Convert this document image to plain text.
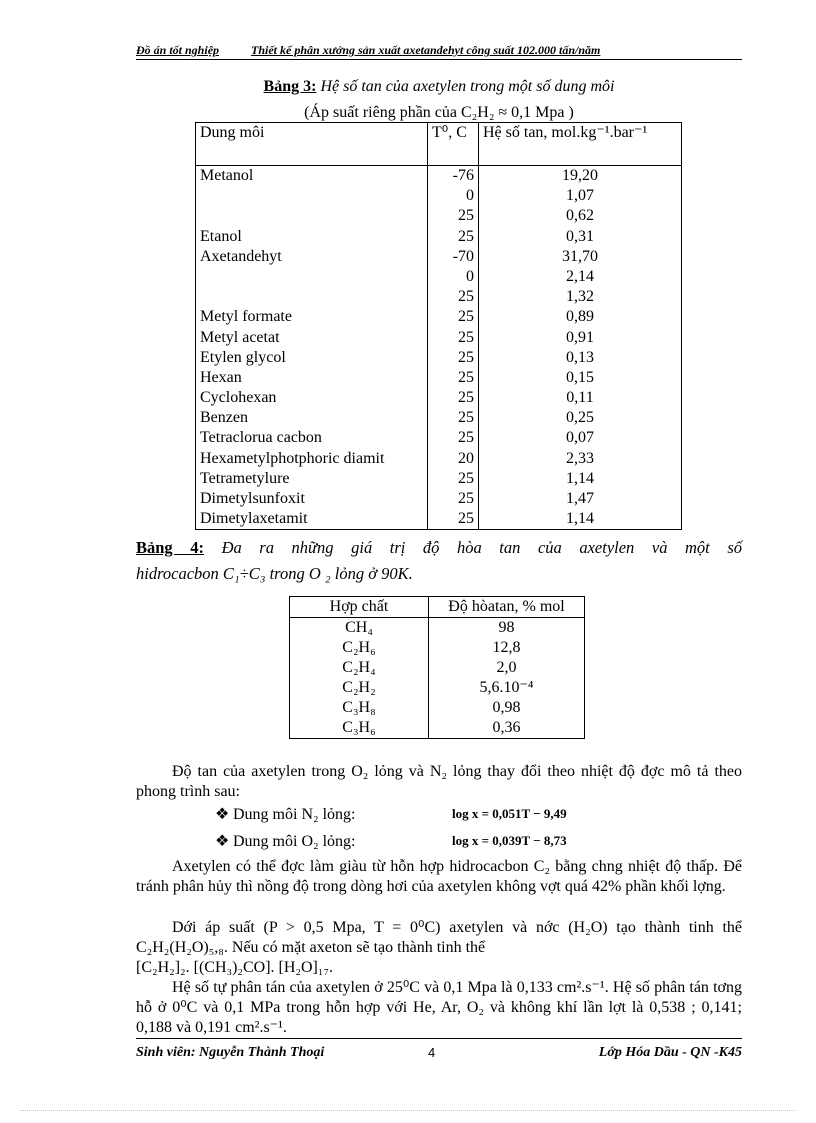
Đồ án tốt nghiệp	Thiết kế phân xưởng sản xuất axetandehyt công suất 102.000 tấn/năm
Bảng 3: Hệ số tan của axetylen trong một số dung môi
(Áp suất riêng phần của C₂H₂ ≈ 0,1 Mpa )
Dung môi	T⁰, C	Hệ số tan, mol.kg⁻¹.bar⁻¹
Metanol	-76	19,20
	0	1,07
	25	0,62
Etanol	25	0,31
Axetandehyt	-70	31,70
	0	2,14
	25	1,32
Metyl formate	25	0,89
Metyl acetat	25	0,91
Etylen glycol	25	0,13
Hexan	25	0,15
Cyclohexan	25	0,11
Benzen	25	0,25
Tetraclorua cacbon	25	0,07
Hexametylphotphoric diamit	20	2,33
Tetrametylure	25	1,14
Dimetylsunfoxit	25	1,47
Dimetylaxetamit	25	1,14
Bảng 4: Đa ra những giá trị độ hòa tan của axetylen và một số
hidrocacbon C₁÷C₃ trong O ₂ lỏng ở 90K.
Hợp chất	Độ hòatan, % mol
CH₄	98
C₂H₆	12,8
C₂H₄	2,0
C₂H₂	5,6.10⁻⁴
C₃H₈	0,98
C₃H₆	0,36
Độ tan của axetylen trong O₂ lỏng và N₂ lỏng thay đổi theo nhiệt độ đợc mô tả theo phong trình sau:
❖ Dung môi N₂ lỏng:	log x = 0,051T − 9,49
❖ Dung môi O₂ lỏng:	log x = 0,039T − 8,73
Axetylen có thể đợc làm giàu từ hỗn hợp hidrocacbon C₂ bằng chng nhiệt độ thấp. Để tránh phân hủy thì nồng độ trong dòng hơi của axetylen không vợt quá 42% phần khối lợng.
Dới áp suất (P > 0,5 Mpa, T = 0⁰C) axetylen và nớc (H₂O) tạo thành tinh thể C₂H₂(H₂O)₅,₈. Nếu có mặt axeton sẽ tạo thành tinh thể
[C₂H₂]₂. [(CH₃)₂CO]. [H₂O]₁₇.
Hệ số tự phân tán của axetylen ở 25⁰C và 0,1 Mpa là 0,133 cm².s⁻¹. Hệ số phân tán tơng hỗ ở 0⁰C và 0,1 MPa trong hỗn hợp với He, Ar, O₂ và không khí lần lợt là 0,538 ; 0,141; 0,188 và 0,191 cm².s⁻¹.
Sinh viên: Nguyễn Thành Thoại	4	Lớp Hóa Dầu - QN -K45
